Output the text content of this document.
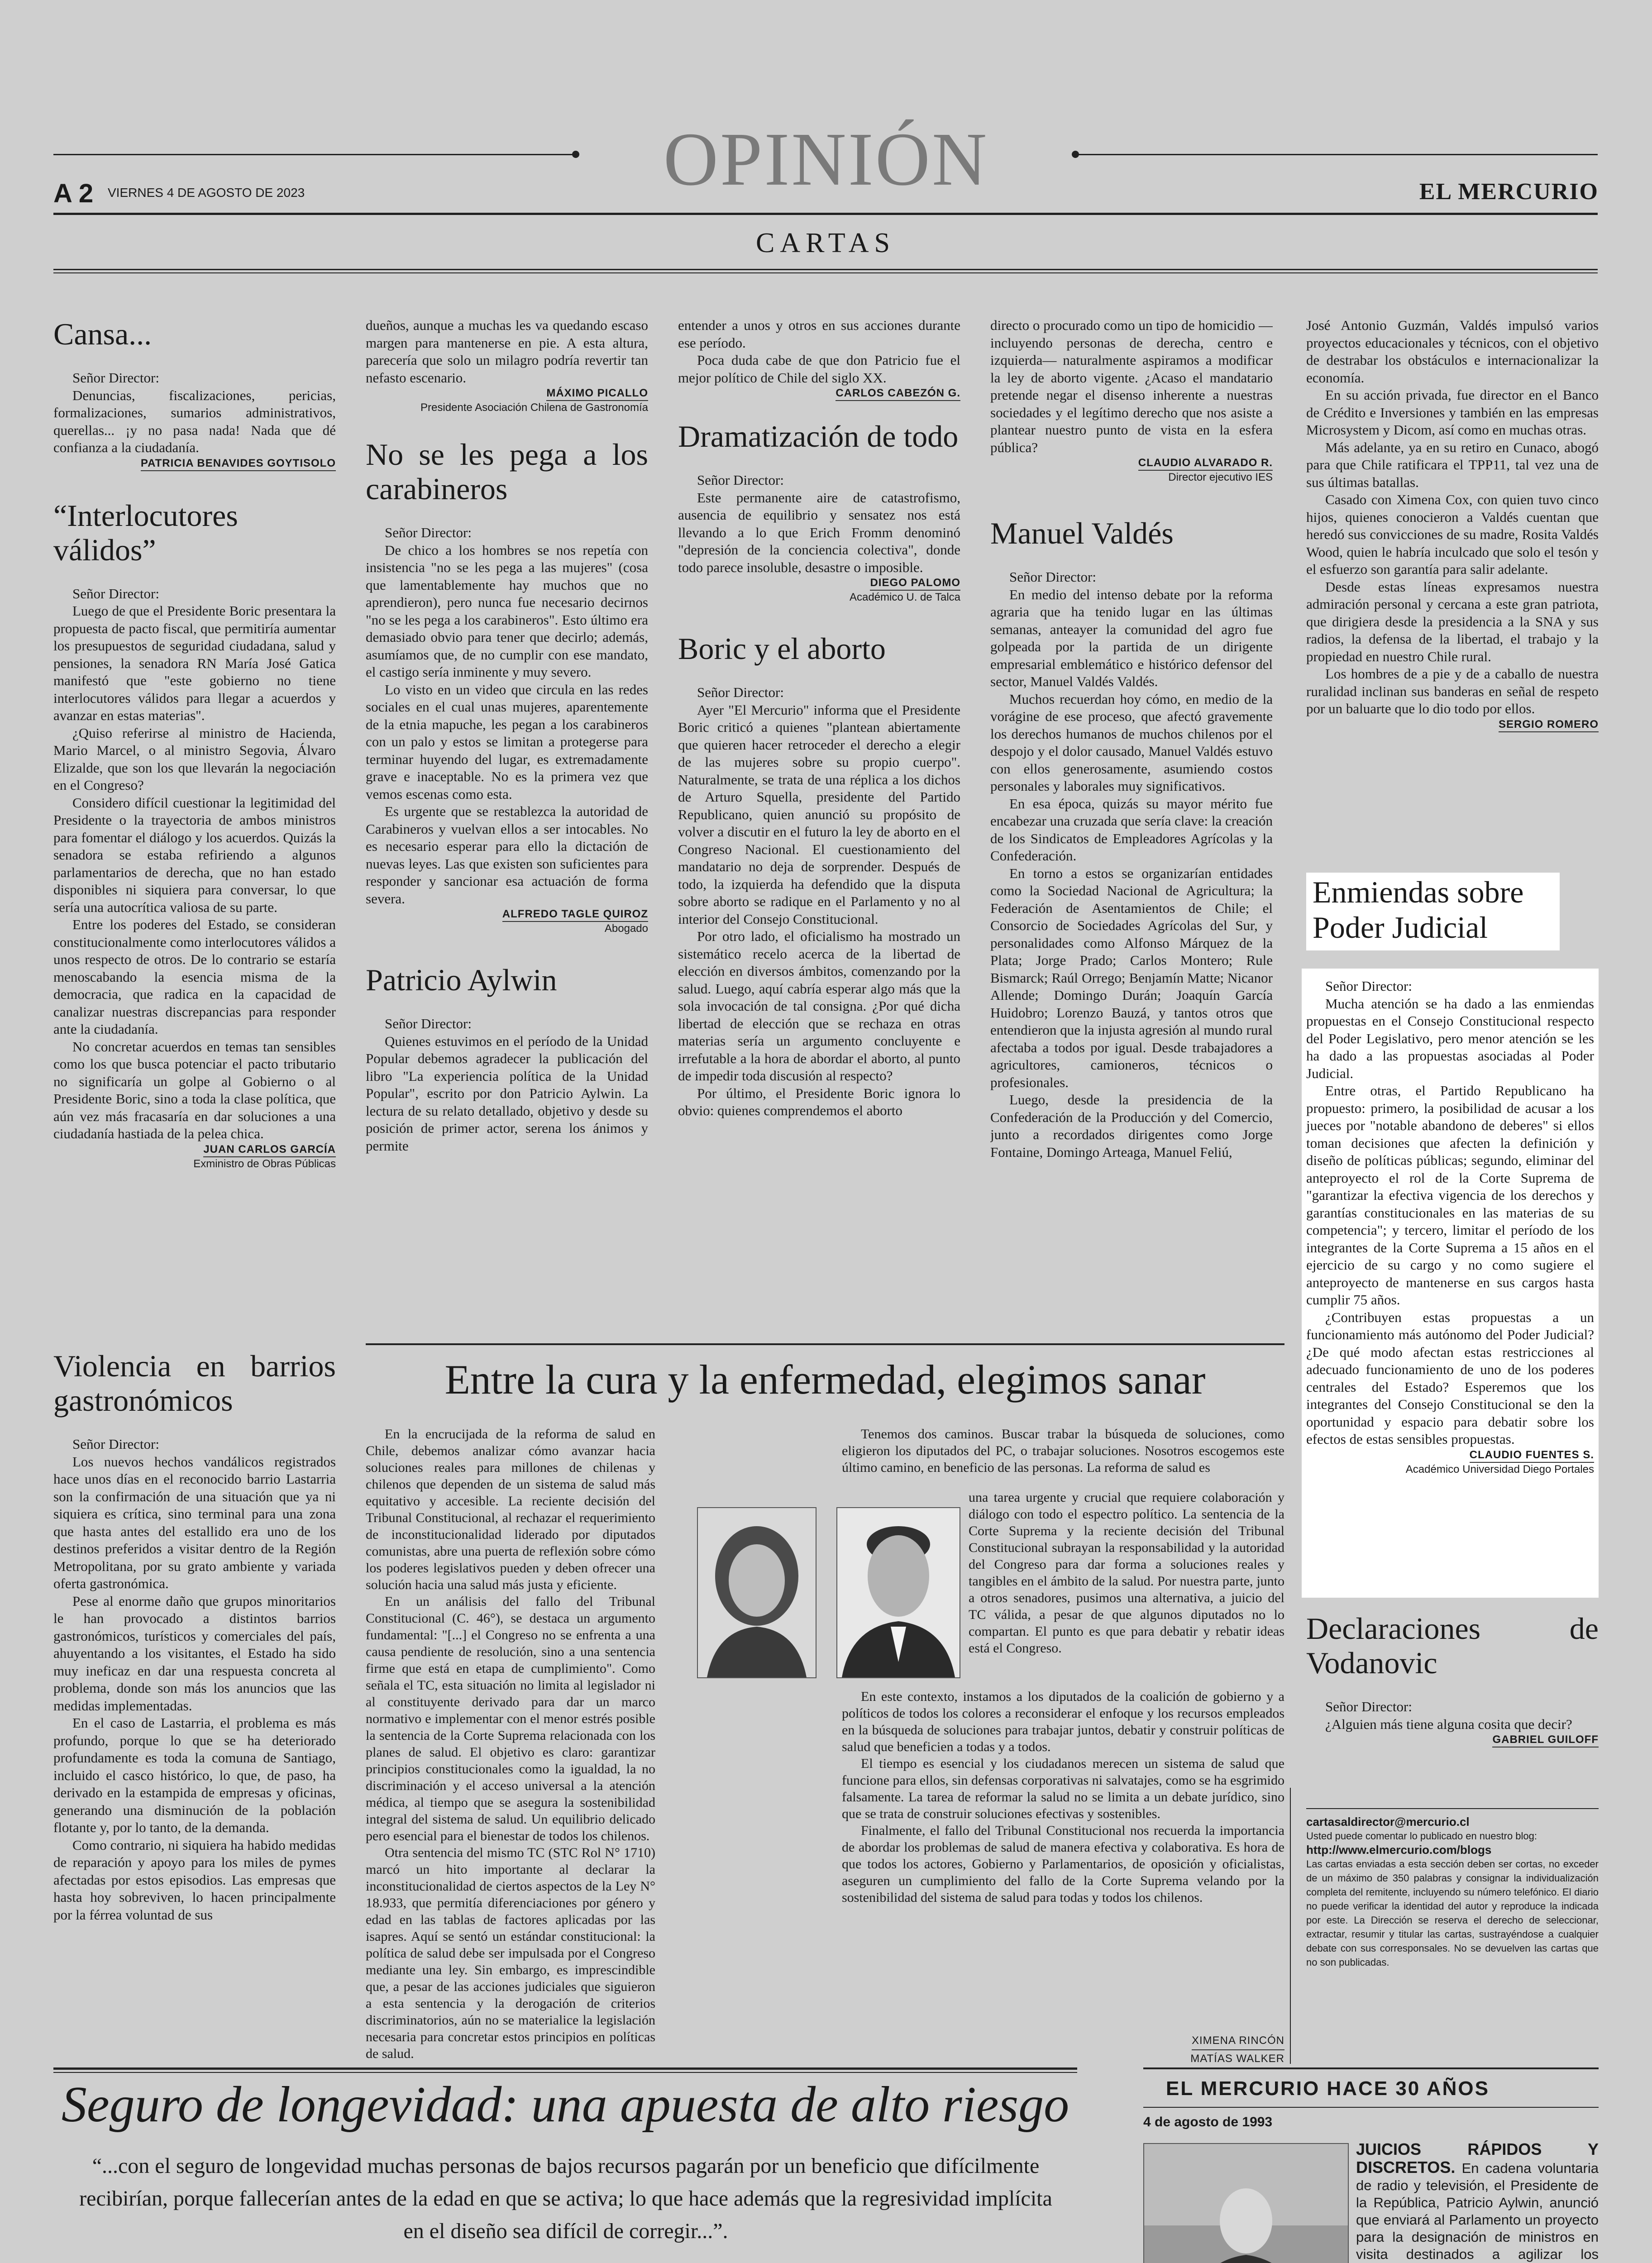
OPINIÓN
A 2 VIERNES 4 DE AGOSTO DE 2023	EL MERCURIO
CARTAS
Cansa...

Señor Director:

Denuncias, fiscalizaciones, pericias, formalizaciones, sumarios administrativos, querellas... ¡y no pasa nada! Nada que dé confianza a la ciudadanía.

PATRICIA BENAVIDES GOYTISOLO

“Interlocutores válidos”

Señor Director:

Luego de que el Presidente Boric presentara la propuesta de pacto fiscal, que permitiría aumentar los presupuestos de seguridad ciudadana, salud y pensiones, la senadora RN María José Gatica manifestó que "este gobierno no tiene interlocutores válidos para llegar a acuerdos y avanzar en estas materias".

¿Quiso referirse al ministro de Hacienda, Mario Marcel, o al ministro Segovia, Álvaro Elizalde, que son los que llevarán la negociación en el Congreso?

Considero difícil cuestionar la legitimidad del Presidente o la trayectoria de ambos ministros para fomentar el diálogo y los acuerdos. Quizás la senadora se estaba refiriendo a algunos parlamentarios de derecha, que no han estado disponibles ni siquiera para conversar, lo que sería una autocrítica valiosa de su parte.

Entre los poderes del Estado, se consideran constitucionalmente como interlocutores válidos a unos respecto de otros. De lo contrario se estaría menoscabando la esencia misma de la democracia, que radica en la capacidad de canalizar nuestras discrepancias para responder ante la ciudadanía.

No concretar acuerdos en temas tan sensibles como los que busca potenciar el pacto tributario no significaría un golpe al Gobierno o al Presidente Boric, sino a toda la clase política, que aún vez más fracasaría en dar soluciones a una ciudadanía hastiada de la pelea chica.

JUAN CARLOS GARCÍA
Exministro de Obras Públicas

Violencia en barrios gastronómicos

Señor Director:

Los nuevos hechos vandálicos registrados hace unos días en el reconocido barrio Lastarria son la confirmación de una situación que ya ni siquiera es crítica, sino terminal para una zona que hasta antes del estallido era uno de los destinos preferidos a visitar dentro de la Región Metropolitana, por su grato ambiente y variada oferta gastronómica.

Pese al enorme daño que grupos minoritarios le han provocado a distintos barrios gastronómicos, turísticos y comerciales del país, ahuyentando a los visitantes, el Estado ha sido muy ineficaz en dar una respuesta concreta al problema, donde son más los anuncios que las medidas implementadas.

En el caso de Lastarria, el problema es más profundo, porque lo que se ha deteriorado profundamente es toda la comuna de Santiago, incluido el casco histórico, lo que, de paso, ha derivado en la estampida de empresas y oficinas, generando una disminución de la población flotante y, por lo tanto, de la demanda.

Como contrario, ni siquiera ha habido medidas de reparación y apoyo para los miles de pymes afectadas por estos episodios. Las empresas que hasta hoy sobreviven, lo hacen principalmente por la férrea voluntad de sus

dueños, aunque a muchas les va quedando escaso margen para mantenerse en pie. A esta altura, parecería que solo un milagro podría revertir tan nefasto escenario.

MÁXIMO PICALLO
Presidente Asociación Chilena de Gastronomía

No se les pega a los carabineros

Señor Director:

De chico a los hombres se nos repetía con insistencia "no se les pega a las mujeres" (cosa que lamentablemente hay muchos que no aprendieron), pero nunca fue necesario decirnos "no se les pega a los carabineros". Esto último era demasiado obvio para tener que decirlo; además, asumíamos que, de no cumplir con ese mandato, el castigo sería inminente y muy severo.

Lo visto en un video que circula en las redes sociales en el cual unas mujeres, aparentemente de la etnia mapuche, les pegan a los carabineros con un palo y estos se limitan a protegerse para terminar huyendo del lugar, es extremadamente grave e inaceptable. No es la primera vez que vemos escenas como esta.

Es urgente que se restablezca la autoridad de Carabineros y vuelvan ellos a ser intocables. No es necesario esperar para ello la dictación de nuevas leyes. Las que existen son suficientes para responder y sancionar esa actuación de forma severa.

ALFREDO TAGLE QUIROZ
Abogado

Patricio Aylwin

Señor Director:

Quienes estuvimos en el período de la Unidad Popular debemos agradecer la publicación del libro "La experiencia política de la Unidad Popular", escrito por don Patricio Aylwin. La lectura de su relato detallado, objetivo y desde su posición de primer actor, serena los ánimos y permite

entender a unos y otros en sus acciones durante ese período.

Poca duda cabe de que don Patricio fue el mejor político de Chile del siglo XX.

CARLOS CABEZÓN G.

Dramatización de todo

Señor Director:

Este permanente aire de catastrofismo, ausencia de equilibrio y sensatez nos está llevando a lo que Erich Fromm denominó "depresión de la conciencia colectiva", donde todo parece insoluble, desastre o imposible.

DIEGO PALOMO
Académico U. de Talca

Boric y el aborto

Señor Director:

Ayer "El Mercurio" informa que el Presidente Boric criticó a quienes "plantean abiertamente que quieren hacer retroceder el derecho a elegir de las mujeres sobre su propio cuerpo". Naturalmente, se trata de una réplica a los dichos de Arturo Squella, presidente del Partido Republicano, quien anunció su propósito de volver a discutir en el futuro la ley de aborto en el Congreso Nacional. El cuestionamiento del mandatario no deja de sorprender. Después de todo, la izquierda ha defendido que la disputa sobre aborto se radique en el Parlamento y no al interior del Consejo Constitucional.

Por otro lado, el oficialismo ha mostrado un sistemático recelo acerca de la libertad de elección en diversos ámbitos, comenzando por la salud. Luego, aquí cabría esperar algo más que la sola invocación de tal consigna. ¿Por qué dicha libertad de elección que se rechaza en otras materias sería un argumento concluyente e irrefutable a la hora de abordar el aborto, al punto de impedir toda discusión al respecto?

Por último, el Presidente Boric ignora lo obvio: quienes comprendemos el aborto

directo o procurado como un tipo de homicidio —incluyendo personas de derecha, centro e izquierda— naturalmente aspiramos a modificar la ley de aborto vigente. ¿Acaso el mandatario pretende negar el disenso inherente a nuestras sociedades y el legítimo derecho que nos asiste a plantear nuestro punto de vista en la esfera pública?

CLAUDIO ALVARADO R.
Director ejecutivo IES

Manuel Valdés

Señor Director:

En medio del intenso debate por la reforma agraria que ha tenido lugar en las últimas semanas, anteayer la comunidad del agro fue golpeada por la partida de un dirigente empresarial emblemático e histórico defensor del sector, Manuel Valdés Valdés.

Muchos recuerdan hoy cómo, en medio de la vorágine de ese proceso, que afectó gravemente los derechos humanos de muchos chilenos por el despojo y el dolor causado, Manuel Valdés estuvo con ellos generosamente, asumiendo costos personales y laborales muy significativos.

En esa época, quizás su mayor mérito fue encabezar una cruzada que sería clave: la creación de los Sindicatos de Empleadores Agrícolas y la Confederación.

En torno a estos se organizarían entidades como la Sociedad Nacional de Agricultura; la Federación de Asentamientos de Chile; el Consorcio de Sociedades Agrícolas del Sur, y personalidades como Alfonso Márquez de la Plata; Jorge Prado; Carlos Montero; Rule Bismarck; Raúl Orrego; Benjamín Matte; Nicanor Allende; Domingo Durán; Joaquín García Huidobro; Lorenzo Bauzá, y tantos otros que entendieron que la injusta agresión al mundo rural afectaba a todos por igual. Desde trabajadores a agricultores, camioneros, técnicos o profesionales.

Luego, desde la presidencia de la Confederación de la Producción y del Comercio, junto a recordados dirigentes como Jorge Fontaine, Domingo Arteaga, Manuel Feliú,

José Antonio Guzmán, Valdés impulsó varios proyectos educacionales y técnicos, con el objetivo de destrabar los obstáculos e internacionalizar la economía.

En su acción privada, fue director en el Banco de Crédito e Inversiones y también en las empresas Microsystem y Dicom, así como en muchas otras.

Más adelante, ya en su retiro en Cunaco, abogó para que Chile ratificara el TPP11, tal vez una de sus últimas batallas.

Casado con Ximena Cox, con quien tuvo cinco hijos, quienes conocieron a Valdés cuentan que heredó sus convicciones de su madre, Rosita Valdés Wood, quien le habría inculcado que solo el tesón y el esfuerzo son garantía para salir adelante.

Desde estas líneas expresamos nuestra admiración personal y cercana a este gran patriota, que dirigiera desde la presidencia a la SNA y sus radios, la defensa de la libertad, el trabajo y la propiedad en nuestro Chile rural.

Los hombres de a pie y de a caballo de nuestra ruralidad inclinan sus banderas en señal de respeto por un baluarte que lo dio todo por ellos.

SERGIO ROMERO

Enmiendas sobre Poder Judicial

Señor Director:

Mucha atención se ha dado a las enmiendas propuestas en el Consejo Constitucional respecto del Poder Legislativo, pero menor atención se les ha dado a las propuestas asociadas al Poder Judicial.

Entre otras, el Partido Republicano ha propuesto: primero, la posibilidad de acusar a los jueces por "notable abandono de deberes" si ellos toman decisiones que afecten la definición y diseño de políticas públicas; segundo, eliminar del anteproyecto el rol de la Corte Suprema de "garantizar la efectiva vigencia de los derechos y garantías constitucionales en las materias de su competencia"; y tercero, limitar el período de los integrantes de la Corte Suprema a 15 años en el ejercicio de su cargo y no como sugiere el anteproyecto de mantenerse en sus cargos hasta cumplir 75 años.

¿Contribuyen estas propuestas a un funcionamiento más autónomo del Poder Judicial? ¿De qué modo afectan estas restricciones al adecuado funcionamiento de uno de los poderes centrales del Estado? Esperemos que los integrantes del Consejo Constitucional se den la oportunidad y espacio para debatir sobre los efectos de estas sensibles propuestas.

CLAUDIO FUENTES S.
Académico Universidad Diego Portales

Declaraciones de Vodanovic

Señor Director:

¿Alguien más tiene alguna cosita que decir?

GABRIEL GUILOFF

cartasaldirector@mercurio.cl
Usted puede comentar lo publicado en nuestro blog:
http://www.elmercurio.com/blogs
Las cartas enviadas a esta sección deben ser cortas, no exceder de un máximo de 350 palabras y consignar la individualización completa del remitente, incluyendo su número telefónico. El diario no puede verificar la identidad del autor y reproduce la indicada por este. La Dirección se reserva el derecho de seleccionar, extractar, resumir y titular las cartas, sustrayéndose a cualquier debate con sus corresponsales. No se devuelven las cartas que no son publicadas.
Entre la cura y la enfermedad, elegimos sanar

En la encrucijada de la reforma de salud en Chile, debemos analizar cómo avanzar hacia soluciones reales para millones de chilenas y chilenos que dependen de un sistema de salud más equitativo y accesible. La reciente decisión del Tribunal Constitucional, al rechazar el requerimiento de inconstitucionalidad liderado por diputados comunistas, abre una puerta de reflexión sobre cómo los poderes legislativos pueden y deben ofrecer una solución hacia una salud más justa y eficiente.

En un análisis del fallo del Tribunal Constitucional (C. 46°), se destaca un argumento fundamental: "[...] el Congreso no se enfrenta a una causa pendiente de resolución, sino a una sentencia firme que está en etapa de cumplimiento". Como señala el TC, esta situación no limita al legislador ni al constituyente derivado para dar un marco normativo e implementar con el menor estrés posible la sentencia de la Corte Suprema relacionada con los planes de salud. El objetivo es claro: garantizar principios constitucionales como la igualdad, la no discriminación y el acceso universal a la atención médica, al tiempo que se asegura la sostenibilidad integral del sistema de salud. Un equilibrio delicado pero esencial para el bienestar de todos los chilenos.

Otra sentencia del mismo TC (STC Rol N° 1710) marcó un hito importante al declarar la inconstitucionalidad de ciertos aspectos de la Ley N° 18.933, que permitía diferenciaciones por género y edad en las tablas de factores aplicadas por las isapres. Aquí se sentó un estándar constitucional: la política de salud debe ser impulsada por el Congreso mediante una ley. Sin embargo, es imprescindible que, a pesar de las acciones judiciales que siguieron a esta sentencia y la derogación de criterios discriminatorios, aún no se materialice la legislación necesaria para concretar estos principios en políticas de salud.

Tenemos dos caminos. Buscar trabar la búsqueda de soluciones, como eligieron los diputados del PC, o trabajar soluciones. Nosotros escogemos este último camino, en beneficio de las personas. La reforma de salud es

una tarea urgente y crucial que requiere colaboración y diálogo con todo el espectro político. La sentencia de la Corte Suprema y la reciente decisión del Tribunal Constitucional subrayan la responsabilidad y la autoridad del Congreso para dar forma a soluciones reales y tangibles en el ámbito de la salud. Por nuestra parte, junto a otros senadores, pusimos una alternativa, a juicio del TC válida, a pesar de que algunos diputados no lo compartan. El punto es que para debatir y rebatir ideas está el Congreso.

En este contexto, instamos a los diputados de la coalición de gobierno y a políticos de todos los colores a reconsiderar el enfoque y los recursos empleados en la búsqueda de soluciones para trabajar juntos, debatir y construir políticas de salud que beneficien a todas y a todos.

El tiempo es esencial y los ciudadanos merecen un sistema de salud que funcione para ellos, sin defensas corporativas ni salvatajes, como se ha esgrimido falsamente. La tarea de reformar la salud no se limita a un debate jurídico, sino que se trata de construir soluciones efectivas y sostenibles.

Finalmente, el fallo del Tribunal Constitucional nos recuerda la importancia de abordar los problemas de salud de manera efectiva y colaborativa. Es hora de que todos los actores, Gobierno y Parlamentarios, de oposición y oficialistas, aseguren un cumplimiento del fallo de la Corte Suprema velando por la sostenibilidad del sistema de salud para todas y todos los chilenos.

XIMENA RINCÓN
MATÍAS WALKER
Seguro de longevidad: una apuesta de alto riesgo
“...con el seguro de longevidad muchas personas de bajos recursos pagarán por un beneficio que difícilmente recibirían, porque fallecerían antes de la edad en que se activa; lo que hace además que la regresividad implícita en el diseño sea difícil de corregir...”.

EL MERCURIO HACE 30 AÑOS
4 de agosto de 1993
JUICIOS RÁPIDOS Y DISCRETOS. En cadena voluntaria de radio y televisión, el Presidente de la República, Patricio Aylwin, anunció que enviará al Parlamento un proyecto para la designación de ministros en visita destinados a agilizar los
